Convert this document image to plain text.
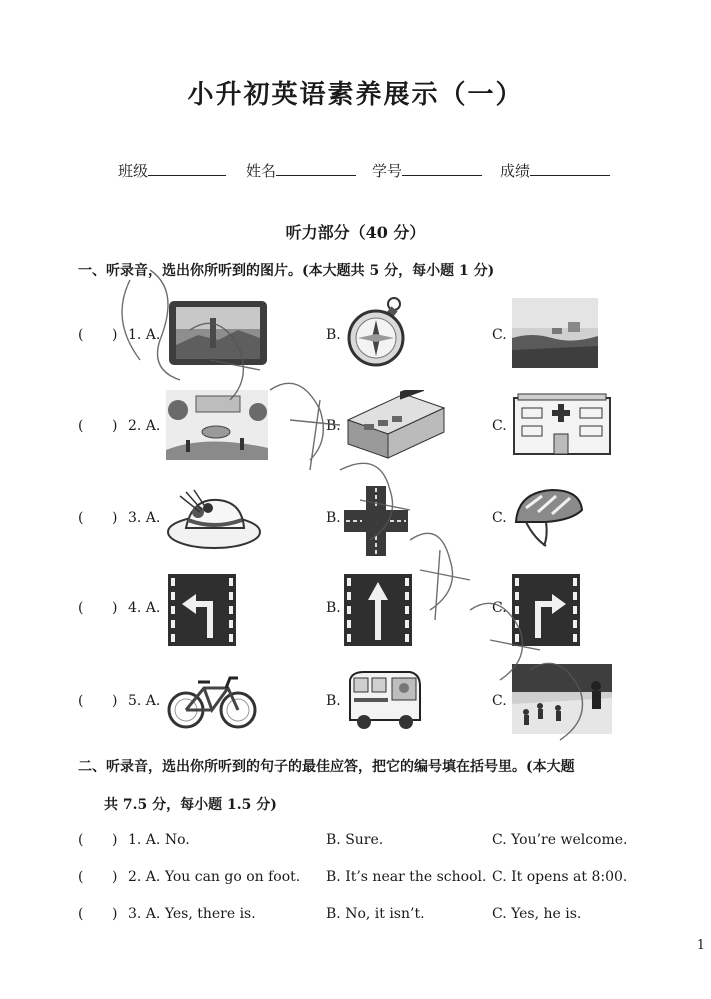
小升初英语素养展示（一）
班级	姓名	学号	成绩
听力部分（40 分）
一、听录音，选出你所听到的图片。(本大题共 5 分，每小题 1 分)
( ) 1. A.	B.	C.
( ) 2. A.	B.	C.
( ) 3. A.	B.	C.
( ) 4. A.	B.	C.
( ) 5. A.	B.	C.
二、听录音，选出你所听到的句子的最佳应答，把它的编号填在括号里。(本大题
共 7.5 分，每小题 1.5 分)
( ) 1. A. No.	B. Sure.	C. You’re welcome.
( ) 2. A. You can go on foot. B. It’s near the school. C. It opens at 8:00.
( ) 3. A. Yes, there is.	B. No, it isn’t.	C. Yes, he is.
1
